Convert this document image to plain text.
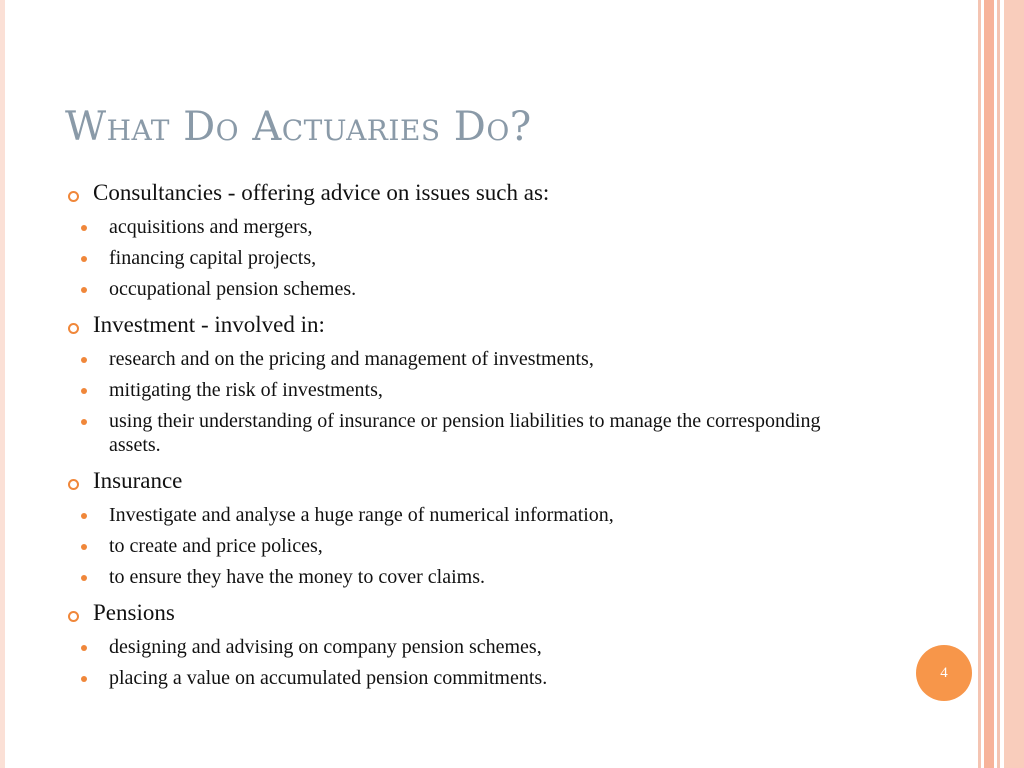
What Do Actuaries Do?
Consultancies - offering advice on issues such as:
acquisitions and mergers,
financing capital projects,
occupational pension schemes.
Investment - involved in:
research and on the pricing and management of investments,
mitigating the risk of investments,
using their understanding of insurance or pension liabilities to manage the corresponding assets.
Insurance
Investigate and analyse a huge range of numerical information,
to create and price polices,
to ensure they have the money to cover claims.
Pensions
designing and advising on company pension schemes,
placing a value on accumulated pension commitments.	4
